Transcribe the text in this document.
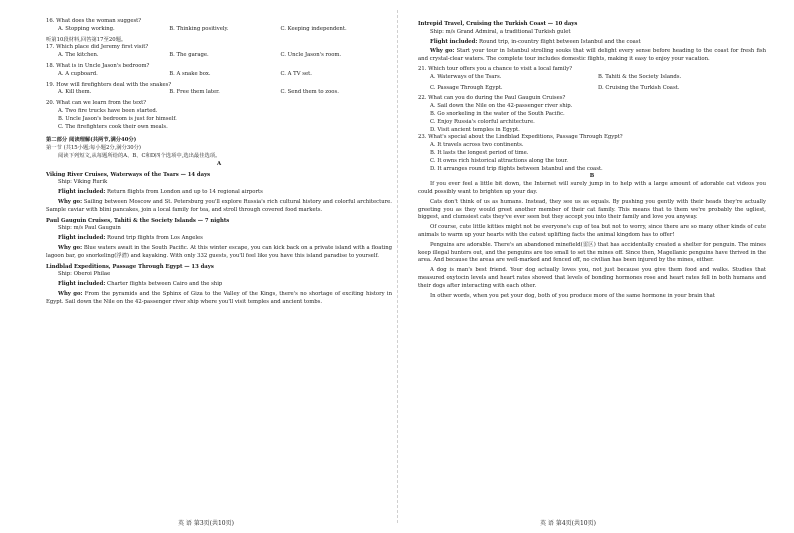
16. What does the woman suggest?

A. Stopping working.	B. Thinking positively.	C. Keeping independent.

听第10段材料,回答第17至20题。

17. Which place did Jeremy first visit?

A. The kitchen.	B. The garage.	C. Uncle Jason's room.

18. What is in Uncle Jason's bedroom?

A. A cupboard.	B. A snake box.	C. A TV set.

19. How will firefighters deal with the snakes?

A. Kill them.	B. Free them later.	C. Send them to zoos.

20. What can we learn from the text?

A. Two fire trucks have been started.

B. Uncle Jason's bedroom is just for himself.

C. The firefighters cook their own meals.

第二部分 阅读理解(共两节,满分40分)

第一节 (共15小题;每小题2分,满分30分)

阅读下列短文,从每题所给的A、B、C和D四个选项中,选出最佳选项。

A

Viking River Cruises, Waterways of the Tsars — 14 days

Ship: Viking Rurik

Flight included: Return flights from London and up to 14 regional airports

Why go: Sailing between Moscow and St. Petersburg you'll explore Russia's rich cultural history and colorful architecture. Sample caviar with blini pancakes, join a local family for tea, and stroll through covered food markets.

Paul Gauguin Cruises, Tahiti & the Society Islands — 7 nights

Ship: m/s Paul Gauguin

Flight included: Round trip flights from Los Angeles

Why go: Blue waters await in the South Pacific. At this winter escape, you can kick back on a private island with a floating lagoon bar, go snorkeling(浮潜) and kayaking. With only 332 guests, you'll feel like you have this island paradise to yourself.

Lindblad Expeditions, Passage Through Egypt — 13 days

Ship: Oberoi Philae

Flight included: Charter flights between Cairo and the ship

Why go: From the pyramids and the Sphinx of Giza to the Valley of the Kings, there's no shortage of exciting history in Egypt. Sail down the Nile on the 42-passenger river ship where you'll visit temples and ancient tombs.

Intrepid Travel, Cruising the Turkish Coast — 10 days

Ship: m/s Grand Admiral, a traditional Turkish gulet

Flight included: Round trip, in-country flight between Istanbul and the coast

Why go: Start your tour in Istanbul strolling souks that will delight every sense before heading to the coast for fresh fish and crystal-clear waters. The complete tour includes domestic flights, making it easy to enjoy your vacation.

21. Which tour offers you a chance to visit a local family?

A. Waterways of the Tsars.	B. Tahiti & the Society Islands.
C. Passage Through Egypt.	D. Cruising the Turkish Coast.

22. What can you do during the Paul Gauguin Cruises?

A. Sail down the Nile on the 42-passenger river ship.

B. Go snorkeling in the water of the South Pacific.

C. Enjoy Russia's colorful architecture.

D. Visit ancient temples in Egypt.

23. What's special about the Lindblad Expeditions, Passage Through Egypt?

A. It travels across two continents.

B. It lasts the longest period of time.

C. It owns rich historical attractions along the tour.

D. It arranges round trip flights between Istanbul and the coast.

B

If you ever feel a little bit down, the Internet will surely jump in to help with a large amount of adorable cat videos you could possibly want to brighten up your day.

Cats don't think of us as humans. Instead, they see us as equals. By pushing you gently with their heads they're actually greeting you as they would greet another member of their cat family. This means that to them we're probably the ugliest, biggest, and clumsiest cats they've ever seen but they accept you into their family and love you anyway.

Of course, cute little kitties might not be everyone's cup of tea but not to worry, since there are so many other kinds of cute animals to warm up your hearts with the cutest uplifting facts the animal kingdom has to offer!

Penguins are adorable. There's an abandoned minefield(雷区) that has accidentally created a shelter for penguin. The mines keep illegal hunters out, and the penguins are too small to set the mines off. Since then, Magellanic penguins have thrived in the area. And because the areas are well-marked and fenced off, no civilian has been injured by the mines, either.

A dog is man's best friend. Your dog actually loves you, not just because you give them food and walks. Studies that measured oxytocin levels and heart rates showed that levels of bonding hormones rose and heart rates fell in both humans and their dogs after interacting with each other.

In other words, when you pet your dog, both of you produce more of the same hormone in your brain that

英 语 第3页(共10页)	英 语 第4页(共10页)
